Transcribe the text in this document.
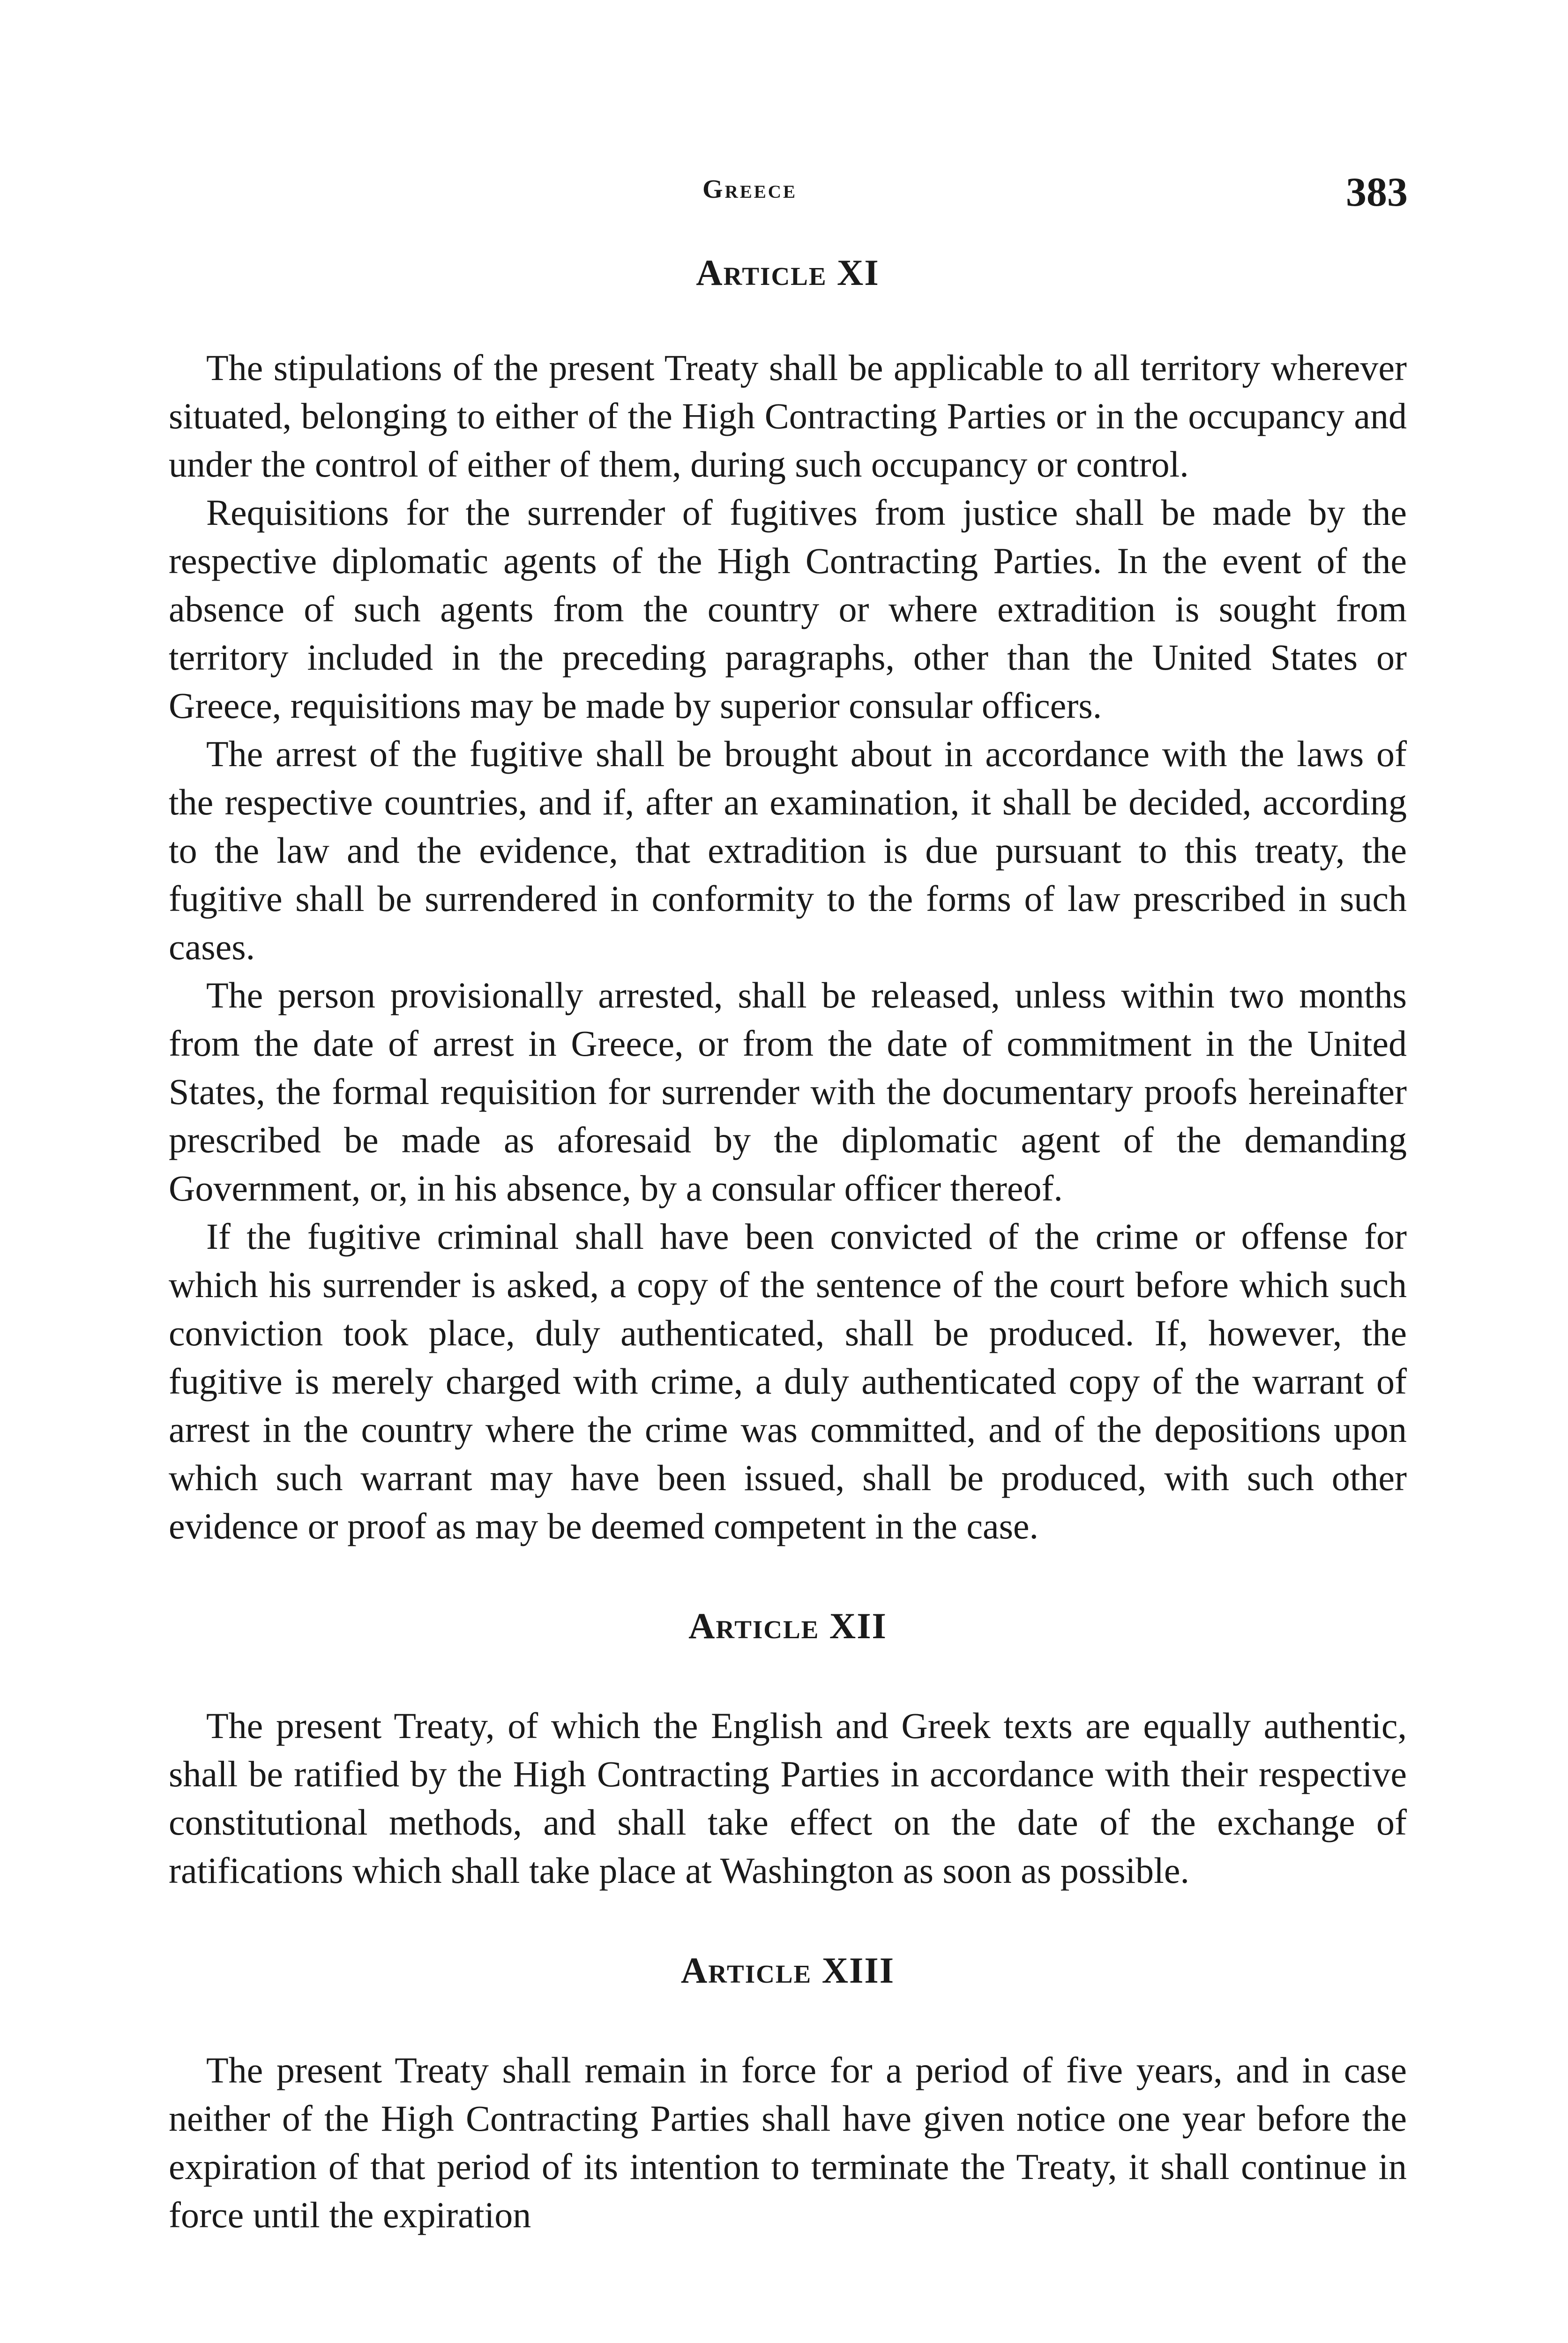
Greece	383
Article XI

The stipulations of the present Treaty shall be applicable to all territory wherever situated, belonging to either of the High Contracting Parties or in the occupancy and under the control of either of them, during such occupancy or control.

Requisitions for the surrender of fugitives from justice shall be made by the respective diplomatic agents of the High Contracting Parties. In the event of the absence of such agents from the country or where extradition is sought from territory included in the preceding paragraphs, other than the United States or Greece, requisitions may be made by superior consular officers.

The arrest of the fugitive shall be brought about in accordance with the laws of the respective countries, and if, after an examination, it shall be decided, according to the law and the evidence, that extradition is due pursuant to this treaty, the fugitive shall be surrendered in conformity to the forms of law prescribed in such cases.

The person provisionally arrested, shall be released, unless within two months from the date of arrest in Greece, or from the date of commitment in the United States, the formal requisition for surrender with the documentary proofs hereinafter prescribed be made as aforesaid by the diplomatic agent of the demanding Government, or, in his absence, by a consular officer thereof.

If the fugitive criminal shall have been convicted of the crime or offense for which his surrender is asked, a copy of the sentence of the court before which such conviction took place, duly authenticated, shall be produced. If, however, the fugitive is merely charged with crime, a duly authenticated copy of the warrant of arrest in the country where the crime was committed, and of the depositions upon which such warrant may have been issued, shall be produced, with such other evidence or proof as may be deemed competent in the case.

Article XII

The present Treaty, of which the English and Greek texts are equally authentic, shall be ratified by the High Contracting Parties in accordance with their respective constitutional methods, and shall take effect on the date of the exchange of ratifications which shall take place at Washington as soon as possible.

Article XIII

The present Treaty shall remain in force for a period of five years, and in case neither of the High Contracting Parties shall have given notice one year before the expiration of that period of its intention to terminate the Treaty, it shall continue in force until the expiration
